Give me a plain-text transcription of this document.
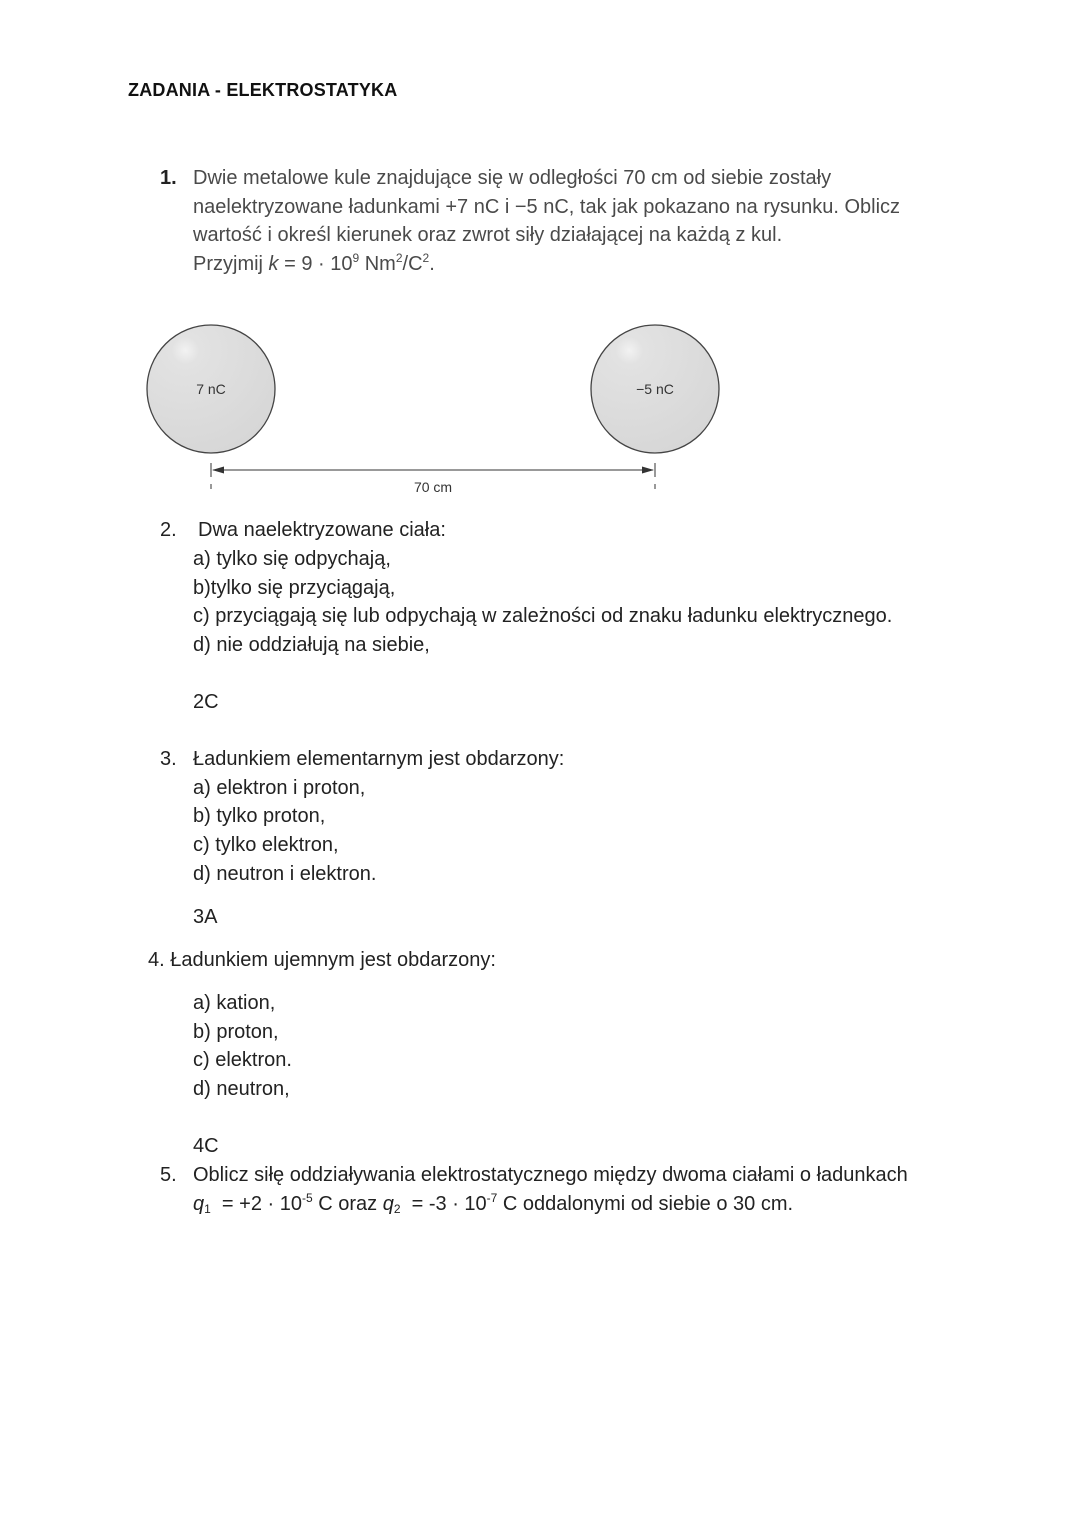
ZADANIA - ELEKTROSTATYKA
1. Dwie metalowe kule znajdujące się w odległości 70 cm od siebie zostały
naelektryzowane ładunkami +7 nC i −5 nC, tak jak pokazano na rysunku. Oblicz
wartość i określ kierunek oraz zwrot siły działającej na każdą z kul.
Przyjmij $k = 9 \cdot 10^9$ $Nm^2/C^2$.
7 nC	−5 nC
70 cm
2. Dwa naelektryzowane ciała:
a) tylko się odpychają,
b)tylko się przyciągają,
c) przyciągają się lub odpychają w zależności od znaku ładunku elektrycznego.
d) nie oddziałują na siebie,
2C
3. Ładunkiem elementarnym jest obdarzony:
a) elektron i proton,
b) tylko proton,
c) tylko elektron,
d) neutron i elektron.
3A
4. Ładunkiem ujemnym jest obdarzony:
a) kation,
b) proton,
c) elektron.
d) neutron,
4C
5. Oblicz siłę oddziaływania elektrostatycznego między dwoma ciałami o ładunkach
$q_1 = +2 \cdot 10^{-5}$ C oraz $q_2 = -3 \cdot 10^{-7}$ C oddalonymi od siebie o 30 cm.
